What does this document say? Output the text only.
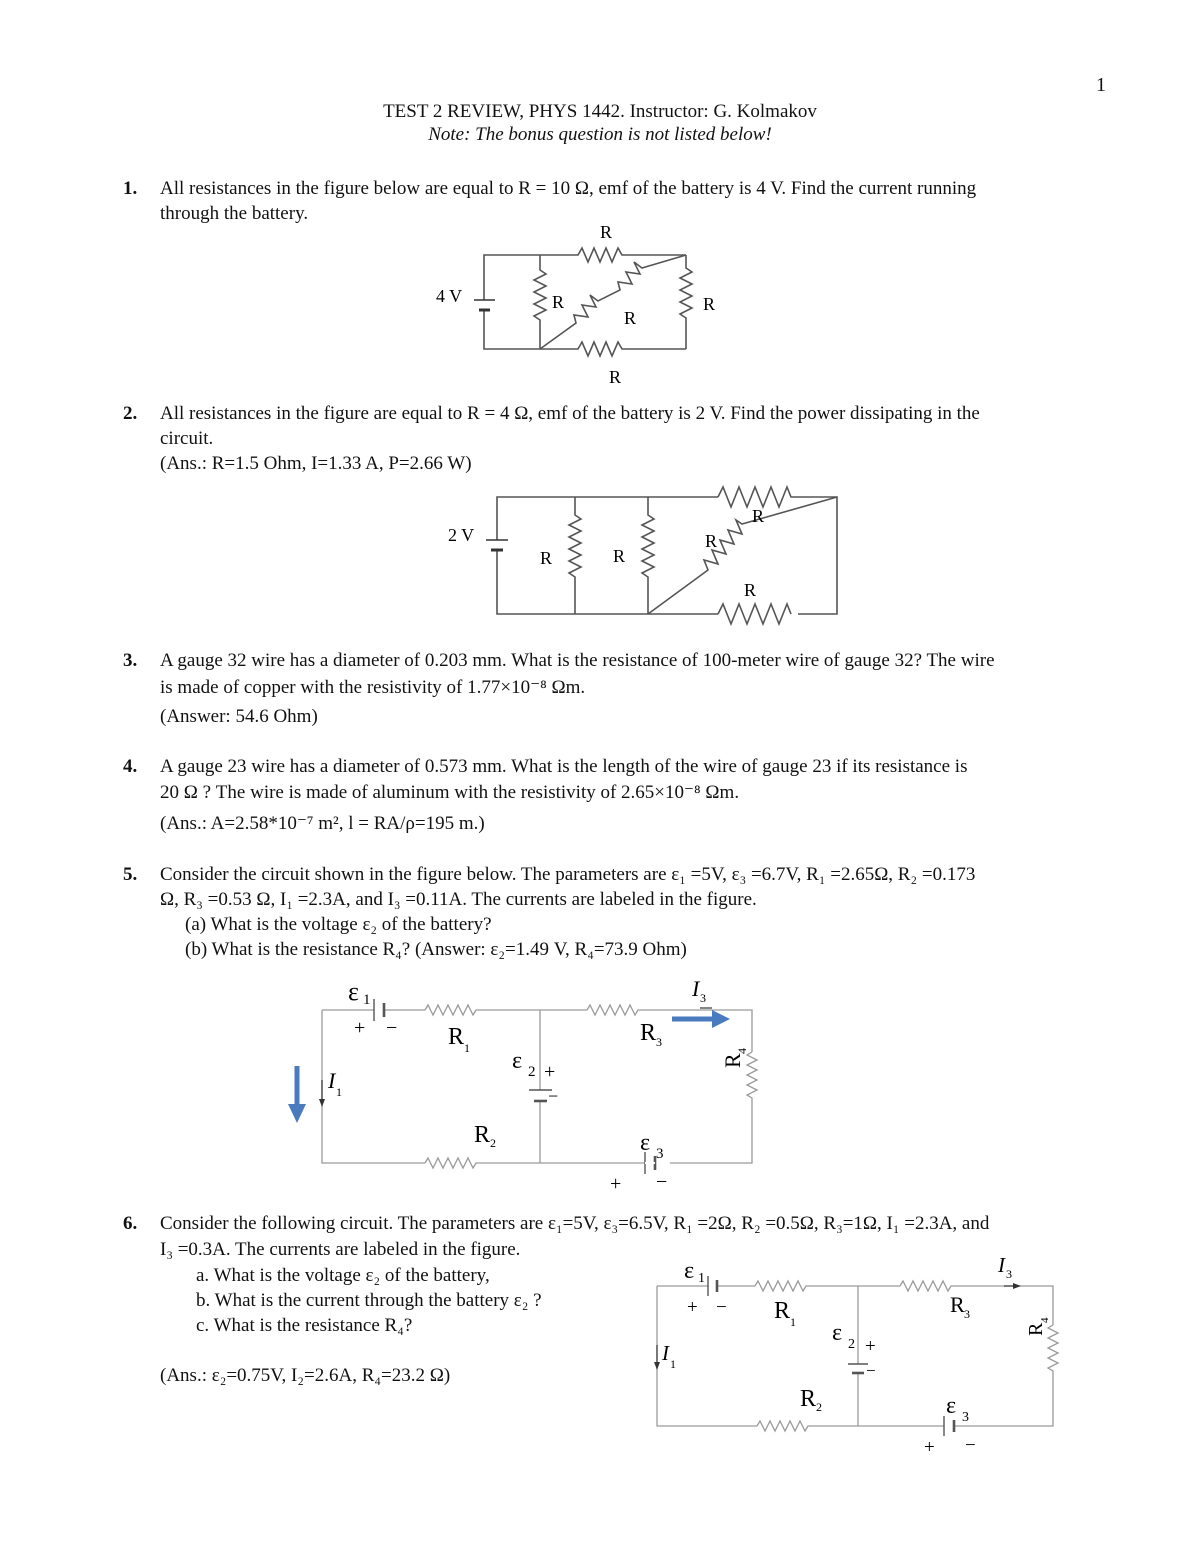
1
TEST 2 REVIEW, PHYS 1442. Instructor: G. Kolmakov
Note: The bonus question is not listed below!
1. All resistances in the figure below are equal to R = 10 Ω, emf of the battery is 4 V. Find the current running
through the battery.
4 V
R
R
R
R	R
R
2. All resistances in the figure are equal to R = 4 Ω, emf of the battery is 2 V. Find the power dissipating in the
circuit.
(Ans.: R=1.5 Ohm, I=1.33 A, P=2.66 W)
2 V
R	R
R
R
R
3. A gauge 32 wire has a diameter of 0.203 mm. What is the resistance of 100-meter wire of gauge 32? The wire
is made of copper with the resistivity of 1.77×10⁻⁸ Ωm.
(Answer: 54.6 Ohm)
4. A gauge 23 wire has a diameter of 0.573 mm. What is the length of the wire of gauge 23 if its resistance is
20 Ω ? The wire is made of aluminum with the resistivity of 2.65×10⁻⁸ Ωm.
(Ans.: A=2.58*10⁻⁷ m², l = RA/ρ=195 m.)
5. Consider the circuit shown in the figure below. The parameters are ε₁ =5V, ε₃ =6.7V, R₁ =2.65Ω, R₂ =0.173
Ω, R₃ =0.53 Ω, I₁ =2.3A, and I₃ =0.11A. The currents are labeled in the figure.
(a) What is the voltage ε₂ of the battery?
(b) What is the resistance R₄? (Answer: ε₂=1.49 V, R₄=73.9 Ohm)
ε 1
+ − R 1
R 3
ε 2 +
−
R 2	ε 3
+ −
I 3
I 1
R
4
6. Consider the following circuit. The parameters are ε₁=5V, ε₃=6.5V, R₁ =2Ω, R₂ =0.5Ω, R₃=1Ω, I₁ =2.3A, and
I₃ =0.3A. The currents are labeled in the figure.
a. What is the voltage ε₂ of the battery,
b. What is the current through the battery ε₂ ?
c. What is the resistance R₄?
(Ans.: ε₂=0.75V, I₂=2.6A, R₄=23.2 Ω)
ε 1
+ − R 1
R 3
ε 2 +
−
R 2	ε 3
+ −
I 3
I 1
R
4
